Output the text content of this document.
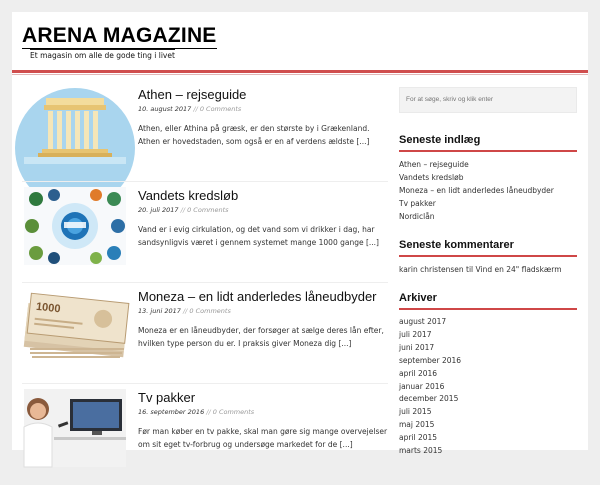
ARENA MAGAZINE
Et magasin om alle de gode ting i livet
Athen – rejseguide
10. august 2017 // 0 Comments

Athen, eller Athina på græsk, er den største by i Grækenland. Athen er hovedstaden, som også er en af verdens ældste [...]

Vandets kredsløb
20. juli 2017 // 0 Comments

Vand er i evig cirkulation, og det vand som vi drikker i dag, har sandsynligvis været i gennem systemet mange 1000 gange [...]

1000
Moneza – en lidt anderledes låneudbyder
13. juni 2017 // 0 Comments

Moneza er en låneudbyder, der forsøger at sælge deres lån efter, hvilken type person du er. I praksis giver Moneza dig [...]

Tv pakker
16. september 2016 // 0 Comments

Før man køber en tv pakke, skal man gøre sig mange overvejelser om sit eget tv-forbrug og undersøge markedet for de [...]

For at søge, skriv og klik enter
Seneste indlæg
Athen – rejseguide
Vandets kredsløb
Moneza – en lidt anderledes låneudbyder
Tv pakker
Nordiclån
Seneste kommentarer
karin christensen til Vind en 24" fladskærm
Arkiver
august 2017
juli 2017
juni 2017
september 2016
april 2016
januar 2016
december 2015
juli 2015
maj 2015
april 2015
marts 2015
